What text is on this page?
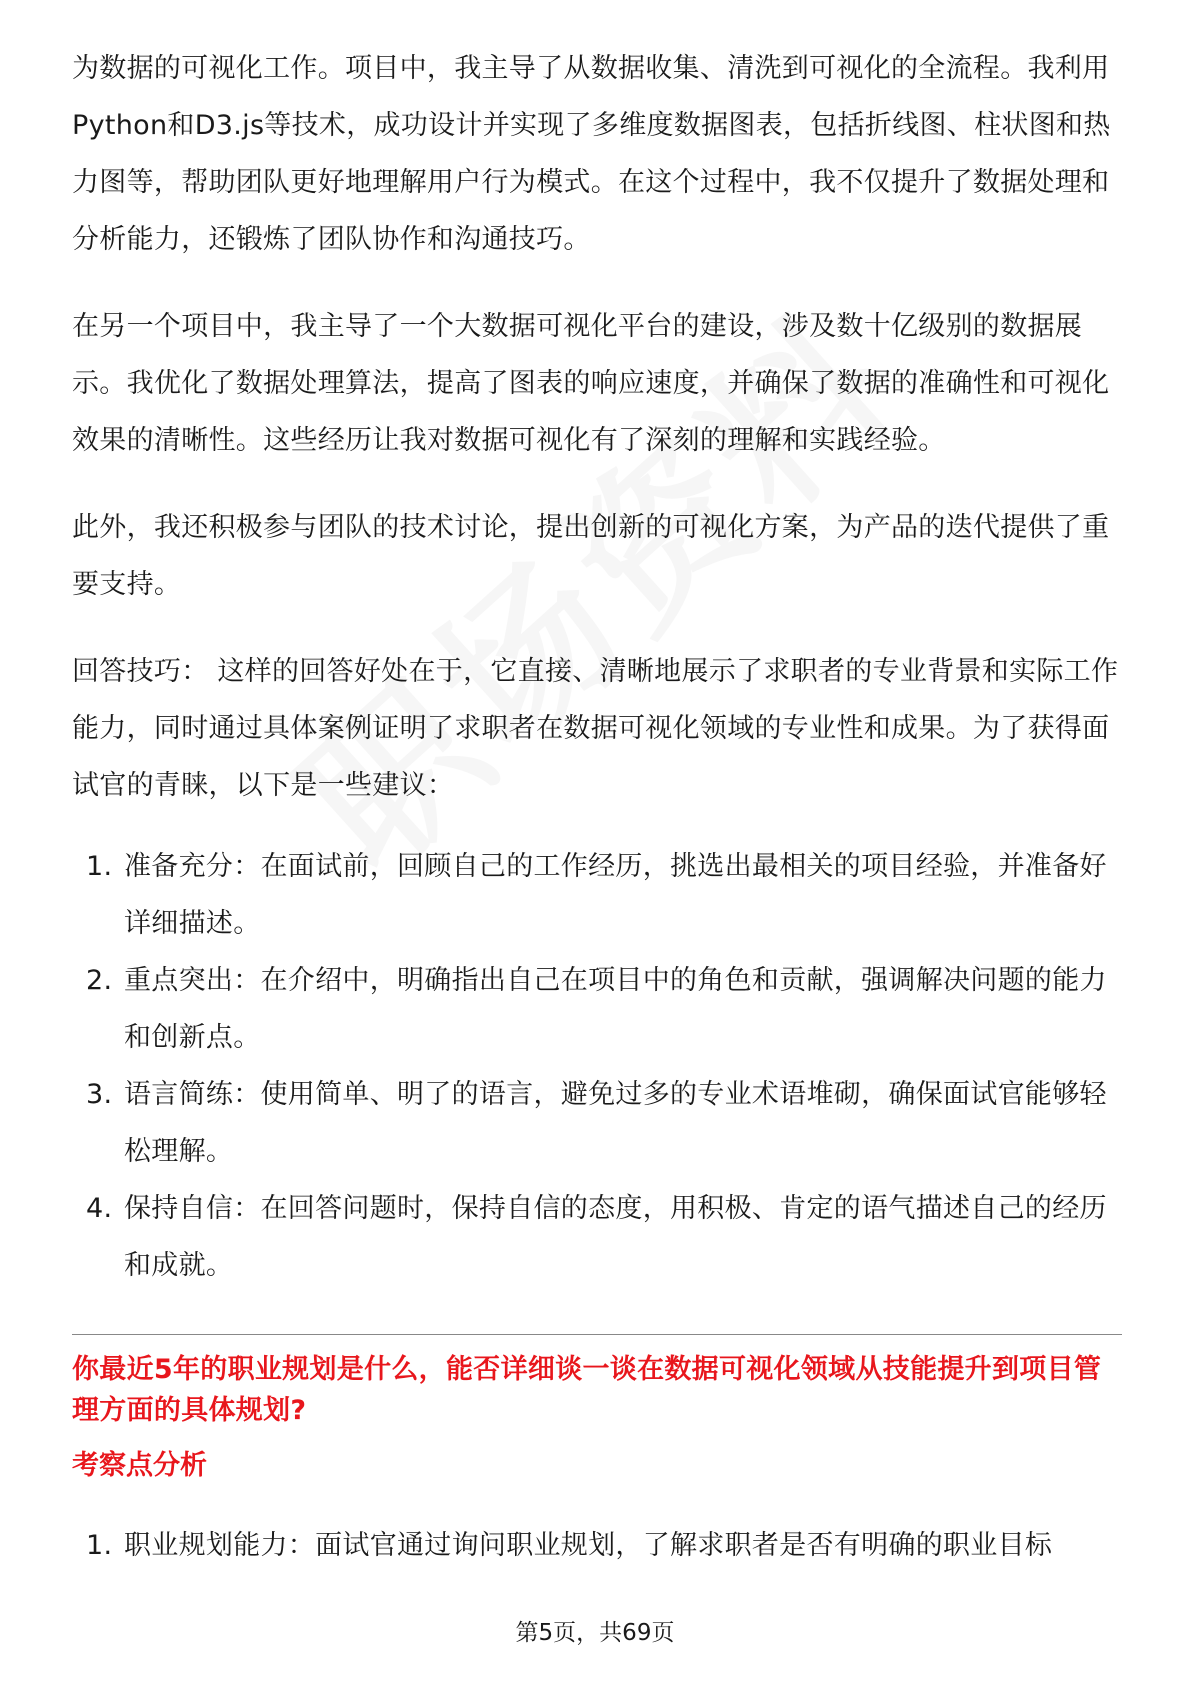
为数据的可视化工作。项目中，我主导了从数据收集、清洗到可视化的全流程。我利用Python和D3.js等技术，成功设计并实现了多维度数据图表，包括折线图、柱状图和热力图等，帮助团队更好地理解用户行为模式。在这个过程中，我不仅提升了数据处理和分析能力，还锻炼了团队协作和沟通技巧。

在另一个项目中，我主导了一个大数据可视化平台的建设，涉及数十亿级别的数据展示。我优化了数据处理算法，提高了图表的响应速度，并确保了数据的准确性和可视化效果的清晰性。这些经历让我对数据可视化有了深刻的理解和实践经验。

此外，我还积极参与团队的技术讨论，提出创新的可视化方案，为产品的迭代提供了重要支持。

回答技巧： 这样的回答好处在于，它直接、清晰地展示了求职者的专业背景和实际工作能力，同时通过具体案例证明了求职者在数据可视化领域的专业性和成果。为了获得面试官的青睐，以下是一些建议：

1. 准备充分：在面试前，回顾自己的工作经历，挑选出最相关的项目经验，并准备好详细描述。
2. 重点突出：在介绍中，明确指出自己在项目中的角色和贡献，强调解决问题的能力和创新点。
3. 语言简练：使用简单、明了的语言，避免过多的专业术语堆砌，确保面试官能够轻松理解。
4. 保持自信：在回答问题时，保持自信的态度，用积极、肯定的语气描述自己的经历和成就。

你最近5年的职业规划是什么，能否详细谈一谈在数据可视化领域从技能提升到项目管理方面的具体规划?

考察点分析

1. 职业规划能力：面试官通过询问职业规划，了解求职者是否有明确的职业目标
第5页，共69页
